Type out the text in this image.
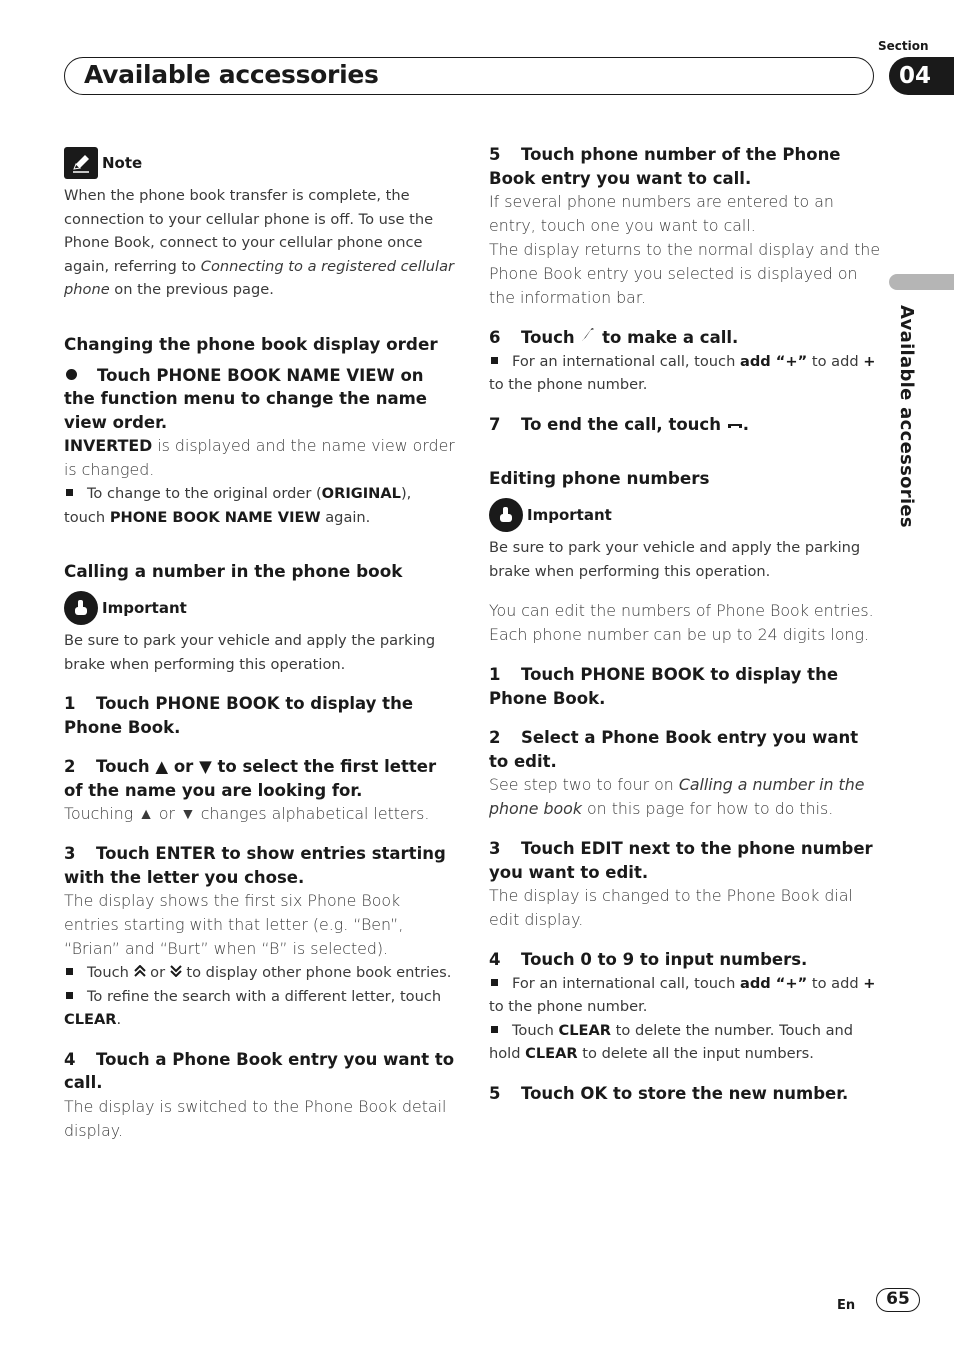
Section
Available accessories	04
Available accessories
Note

When the phone book transfer is complete, the connection to your cellular phone is off. To use the Phone Book, connect to your cellular phone once again, referring to Connecting to a registered cellular phone on the previous page.

Changing the phone book display order

Touch PHONE BOOK NAME VIEW on the function menu to change the name view order.

INVERTED is displayed and the name view order is changed.

To change to the original order (ORIGINAL), touch PHONE BOOK NAME VIEW again.

Calling a number in the phone book

Important

Be sure to park your vehicle and apply the parking brake when performing this operation.

1 Touch PHONE BOOK to display the Phone Book.

2 Touch ▲ or ▼ to select the first letter of the name you are looking for.

Touching ▲ or ▼ changes alphabetical letters.

3 Touch ENTER to show entries starting with the letter you chose.

The display shows the first six Phone Book entries starting with that letter (e.g. “Ben”, “Brian” and “Burt” when “B” is selected).

Touch  or  to display other phone book entries.

To refine the search with a different letter, touch CLEAR.

4 Touch a Phone Book entry you want to call.

The display is switched to the Phone Book detail display.

5 Touch phone number of the Phone Book entry you want to call.

If several phone numbers are entered to an entry, touch one you want to call.

The display returns to the normal display and the Phone Book entry you selected is displayed on the information bar.

6 Touch  to make a call.

For an international call, touch add “+” to add + to the phone number.

7 To end the call, touch .

Editing phone numbers

Important

Be sure to park your vehicle and apply the parking brake when performing this operation.

You can edit the numbers of Phone Book entries. Each phone number can be up to 24 digits long.

1 Touch PHONE BOOK to display the Phone Book.

2 Select a Phone Book entry you want to edit.

See step two to four on Calling a number in the phone book on this page for how to do this.

3 Touch EDIT next to the phone number you want to edit.

The display is changed to the Phone Book dial edit display.

4 Touch 0 to 9 to input numbers.

For an international call, touch add “+” to add + to the phone number.

Touch CLEAR to delete the number. Touch and hold CLEAR to delete all the input numbers.

5 Touch OK to store the new number.

En	65
